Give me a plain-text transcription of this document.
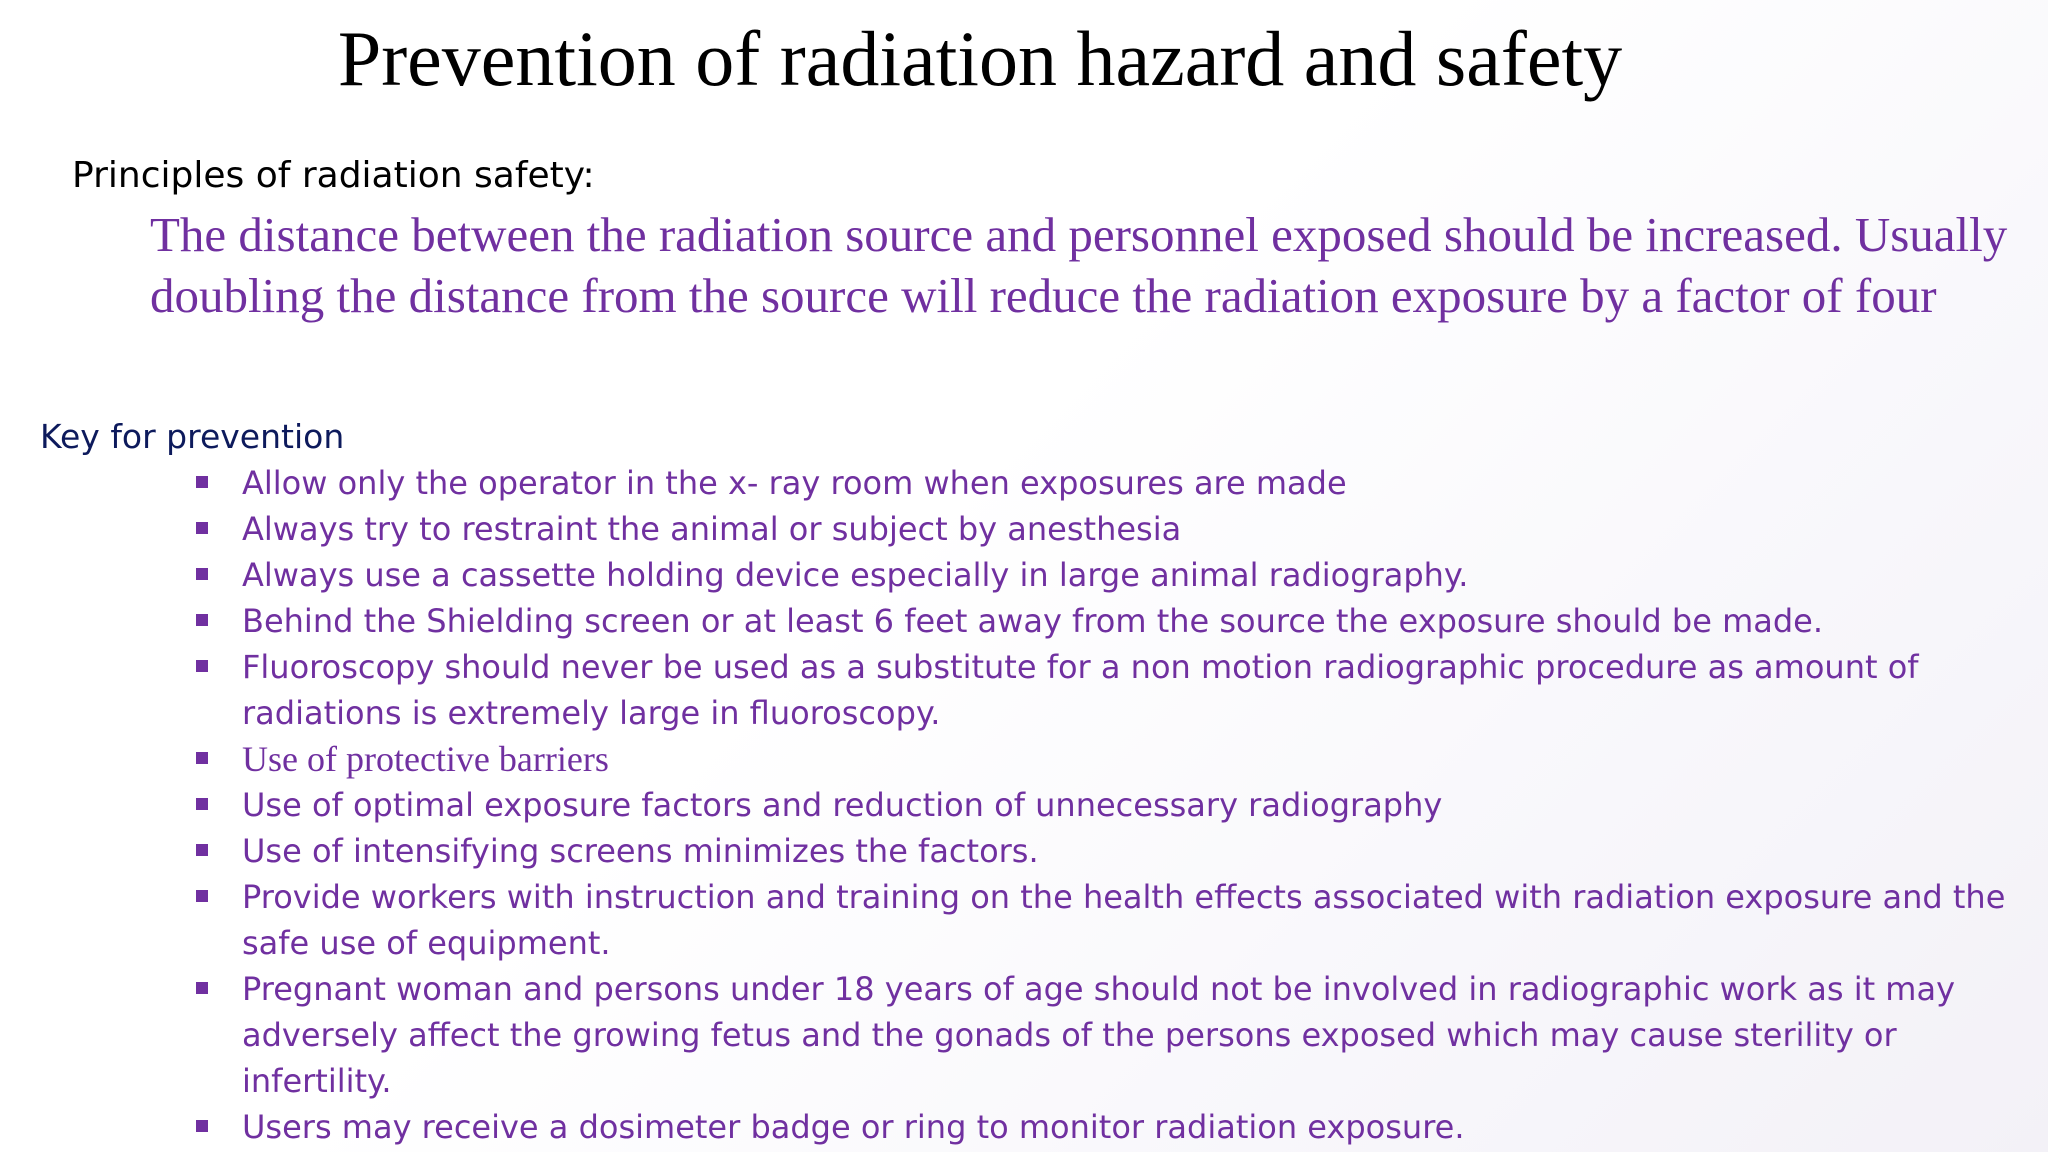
Prevention of radiation hazard and safety
Principles of radiation safety:
The distance between the radiation source and personnel exposed should be increased. Usually doubling the distance from the source will reduce the radiation exposure by a factor of four
Key for prevention
Allow only the operator in the x- ray room when exposures are made
Always try to restraint the animal or subject by anesthesia
Always use a cassette holding device especially in large animal radiography.
Behind the Shielding screen or at least 6 feet away from the source the exposure should be made.
Fluoroscopy should never be used as a substitute for a non motion radiographic procedure as amount of radiations is extremely large in fluoroscopy.
Use of protective barriers
Use of optimal exposure factors and reduction of unnecessary radiography
Use of intensifying screens minimizes the factors.
Provide workers with instruction and training on the health effects associated with radiation exposure and the safe use of equipment.
Pregnant woman and persons under 18 years of age should not be involved in radiographic work as it may adversely affect the growing fetus and the gonads of the persons exposed which may cause sterility or infertility.
Users may receive a dosimeter badge or ring to monitor radiation exposure.
